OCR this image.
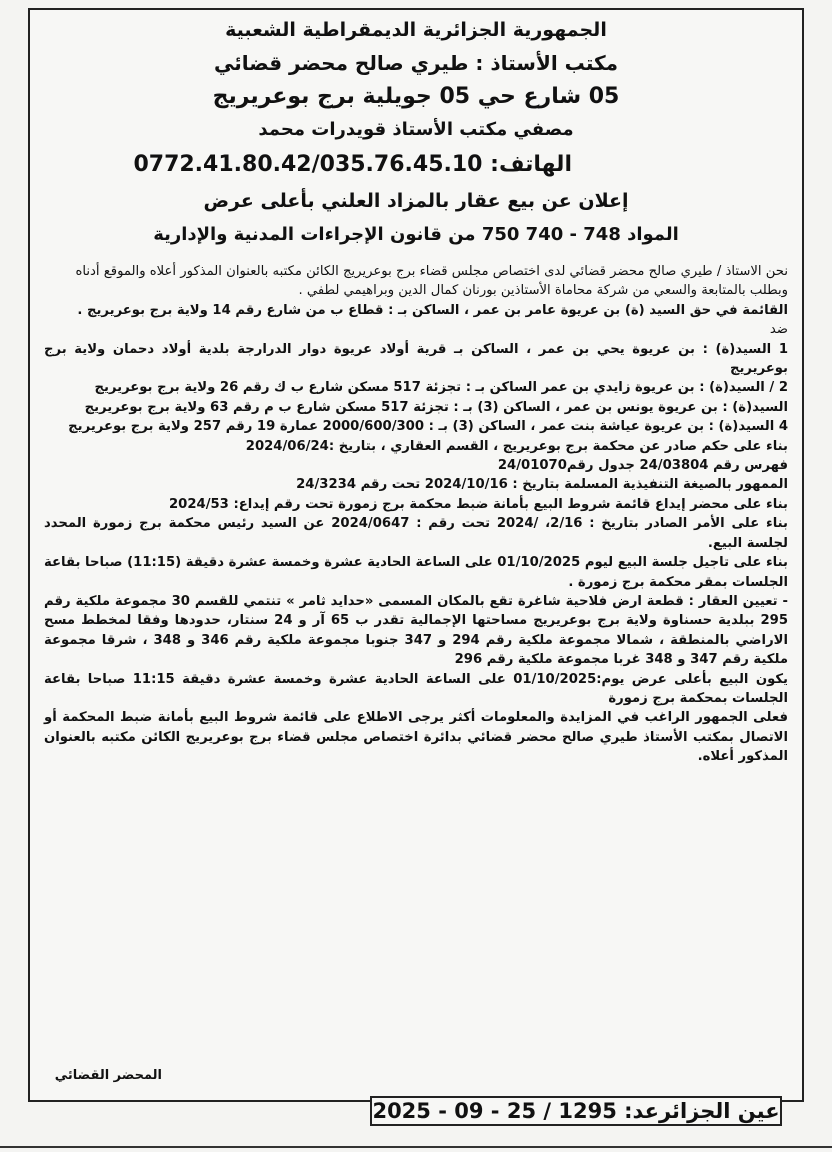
الجمهورية الجزائرية الديمقراطية الشعبية

مكتب الأستاذ : طيري صالح محضر قضائي

05 شارع حي 05 جويلية برج بوعريريج

مصفي مكتب الأستاذ قويدرات محمد

الهاتف: 0772.41.80.42/035.76.45.10

إعلان عن بيع عقار بالمزاد العلني بأعلى عرض

المواد 748 - 740 750 من قانون الإجراءات المدنية والإدارية

نحن الاستاذ / طيري صالح محضر قضائي لدى اختصاص مجلس قضاء برج بوعريريج الكائن مكتبه بالعنوان المذكور أعلاه والموقع أدناه

وبطلب بالمتابعة والسعي من شركة محاماة الأستاذين بورنان كمال الدين وبراهيمي لطفي .

القائمة في حق السيد (ة) بن عريوة عامر بن عمر ، الساكن بـ : قطاع ب من شارع رقم 14 ولاية برج بوعريريج .

ضد

1 السيد(ة) : بن عريوة يحي بن عمر ، الساكن بـ قرية أولاد عريوة دوار الدرارجة بلدية أولاد دحمان ولاية برج بوعريريج

2 / السيد(ة) : بن عريوة زايدي بن عمر الساكن بـ : تجزئة 517 مسكن شارع ب ك رقم 26 ولاية برج بوعريريج

السيد(ة) : بن عريوة يونس بن عمر ، الساكن (3) بـ : تجزئة 517 مسكن شارع ب م رقم 63 ولاية برج بوعريريج

4 السيد(ة) : بن عريوة عياشة بنت عمر ، الساكن (3) بـ : 2000/600/300 عمارة 19 رقم 257 ولاية برج بوعريريج

بناء على حكم صادر عن محكمة برج بوعريريج ، القسم العقاري ، بتاريخ :2024/06/24

فهرس رقم 24/03804 جدول رقم24/01070

الممهور بالصيغة التنفيذية المسلمة بتاريخ : 2024/10/16 تحت رقم 24/3234

بناء على محضر إيداع قائمة شروط البيع بأمانة ضبط محكمة برج زمورة تحت رقم إيداع: 2024/53

بناء على الأمر الصادر بتاريخ : 2/16، /2024 تحت رقم : 2024/0647 عن السيد رئيس محكمة برج زمورة المحدد لجلسة البيع.

بناء على تاجيل جلسة البيع ليوم 01/10/2025 على الساعة الحادية عشرة وخمسة عشرة دقيقة (11:15) صباحا بقاعة الجلسات بمقر محكمة برج زمورة .

- تعيين العقار : قطعة ارض فلاحية شاغرة تقع بالمكان المسمى «حدايد ثامر » تنتمي للقسم 30 مجموعة ملكية رقم 295 ببلدية حسناوة ولاية برج بوعريريج مساحتها الإجمالية تقدر ب 65 آر و 24 سنتار، حدودها وفقا لمخطط مسح الاراضي بالمنطقة ، شمالا مجموعة ملكية رقم 294 و 347 جنوبا مجموعة ملكية رقم 346 و 348 ، شرقا مجموعة ملكية رقم 347 و 348 غربا مجموعة ملكية رقم 296

يكون البيع بأعلى عرض يوم:01/10/2025 على الساعة الحادية عشرة وخمسة عشرة دقيقة 11:15 صباحا بقاعة الجلسات بمحكمة برج زمورة

فعلى الجمهور الراغب في المزايدة والمعلومات أكثر يرجى الاطلاع على قائمة شروط البيع بأمانة ضبط المحكمة أو الاتصال بمكتب الأستاذ طيري صالح محضر قضائي بدائرة اختصاص مجلس قضاء برج بوعريريج الكائن مكتبه بالعنوان المذكور أعلاه.

المحضر القضائي

عين الجزائرعد: 1295 / 25 - 09 - 2025
